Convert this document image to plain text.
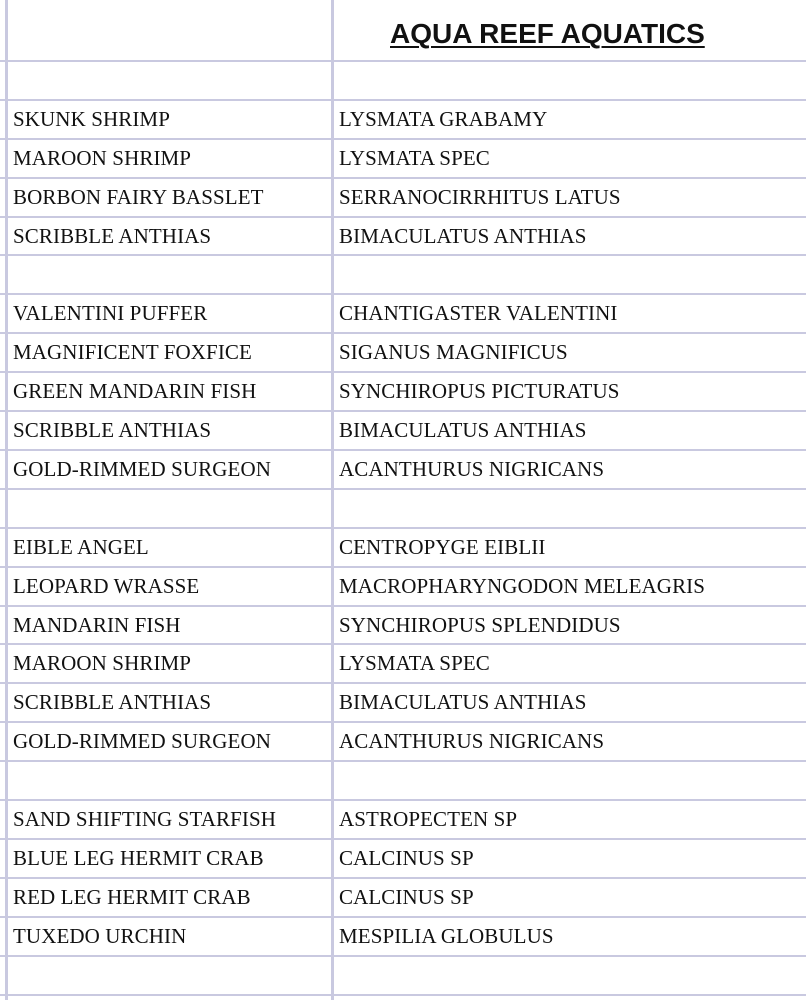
SKUNK SHRIMP	LYSMATA GRABAMY
MAROON SHRIMP	LYSMATA SPEC
BORBON FAIRY BASSLET	SERRANOCIRRHITUS LATUS
SCRIBBLE ANTHIAS	BIMACULATUS ANTHIAS
VALENTINI PUFFER	CHANTIGASTER VALENTINI
MAGNIFICENT FOXFICE	SIGANUS MAGNIFICUS
GREEN MANDARIN FISH	SYNCHIROPUS PICTURATUS
SCRIBBLE ANTHIAS	BIMACULATUS ANTHIAS
GOLD-RIMMED SURGEON	ACANTHURUS NIGRICANS
EIBLE ANGEL	CENTROPYGE EIBLII
LEOPARD WRASSE	MACROPHARYNGODON MELEAGRIS
MANDARIN FISH	SYNCHIROPUS SPLENDIDUS
MAROON SHRIMP	LYSMATA SPEC
SCRIBBLE ANTHIAS	BIMACULATUS ANTHIAS
GOLD-RIMMED SURGEON	ACANTHURUS NIGRICANS
SAND SHIFTING STARFISH	ASTROPECTEN SP
BLUE LEG HERMIT CRAB	CALCINUS SP
RED LEG HERMIT CRAB	CALCINUS SP
TUXEDO URCHIN	MESPILIA GLOBULUS
AQUA REEF AQUATICS
